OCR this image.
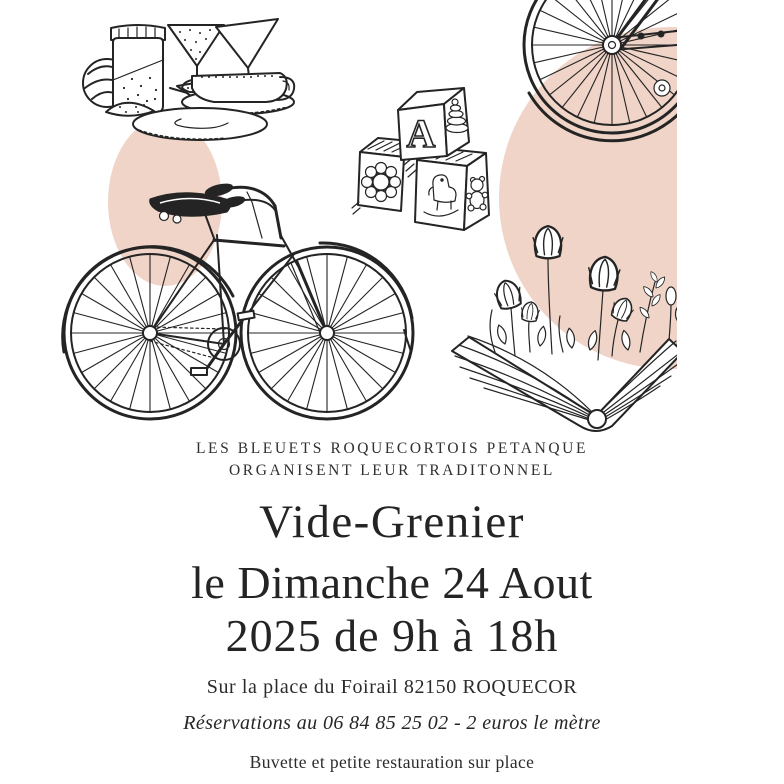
A
LES BLEUETS ROQUECORTOIS PETANQUE
ORGANISENT LEUR TRADITONNEL
Vide-Grenier
le Dimanche 24 Aout
2025 de 9h à 18h
Sur la place du Foirail 82150 ROQUECOR
Réservations au 06 84 85 25 02 - 2 euros le mètre
Buvette et petite restauration sur place
